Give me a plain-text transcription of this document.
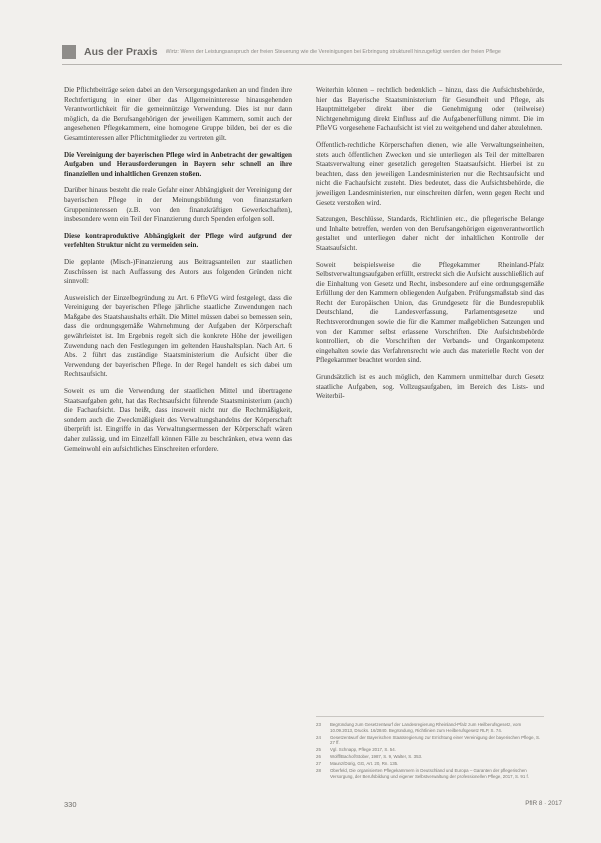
Aus der Praxis Wirtz: Wenn der Leistungsanspruch der freien Steuerung wie die Vereinigungen bei Erbringung strukturell hinzugefügt werden der freien Pflege

Die Pflichtbeiträge seien dabei an den Versorgungsgedanken an und finden ihre Rechtfertigung in einer über das Allgemeininteresse hinausgehenden Verantwortlichkeit für die gemeinnützige Verwendung. Dies ist nur dann möglich, da die Berufsangehörigen der jeweiligen Kammern, somit auch der angesehenen Pflegekammern, eine homogene Gruppe bilden, bei der es die Gesamtinteressen aller Pflichtmitglieder zu vertreten gilt.

Die Vereinigung der bayerischen Pflege wird in Anbetracht der gewaltigen Aufgaben und Herausforderungen in Bayern sehr schnell an ihre finanziellen und inhaltlichen Grenzen stoßen.

Darüber hinaus besteht die reale Gefahr einer Abhängigkeit der Vereinigung der bayerischen Pflege in der Meinungsbildung von finanzstarken Gruppeninteressen (z.B. von den finanzkräftigen Gewerkschaften), insbesondere wenn ein Teil der Finanzierung durch Spenden erfolgen soll.

Diese kontraproduktive Abhängigkeit der Pflege wird aufgrund der verfehlten Struktur nicht zu vermeiden sein.

Die geplante (Misch-)Finanzierung aus Beitragsanteilen zur staatlichen Zuschüssen ist nach Auffassung des Autors aus folgenden Gründen nicht sinnvoll:

Ausweislich der Einzelbegründung zu Art. 6 PfleVG wird festgelegt, dass die Vereinigung der bayerischen Pflege jährliche staatliche Zuwendungen nach Maßgabe des Staatshaushalts erhält. Die Mittel müssen dabei so bemessen sein, dass die ordnungsgemäße Wahrnehmung der Aufgaben der Körperschaft gewährleistet ist. Im Ergebnis regelt sich die konkrete Höhe der jeweiligen Zuwendung nach den Festlegungen im geltenden Haushaltsplan. Nach Art. 6 Abs. 2 führt das zuständige Staatsministerium die Aufsicht über die Verwendung der bayerischen Pflege. In der Regel handelt es sich dabei um Rechtsaufsicht.

Soweit es um die Verwendung der staatlichen Mittel und übertragene Staatsaufgaben geht, hat das Rechtsaufsicht führende Staatsministerium (auch) die Fachaufsicht. Das heißt, dass insoweit nicht nur die Rechtmäßigkeit, sondern auch die Zweckmäßigkeit des Verwaltungshandelns der Körperschaft überprüft ist. Eingriffe in das Verwaltungsermessen der Körperschaft wären daher zulässig, und im Einzelfall können Fälle zu beschränken, etwa wenn das Gemeinwohl ein aufsichtliches Einschreiten erfordere.

Weiterhin können – rechtlich bedenklich – hinzu, dass die Aufsichtsbehörde, hier das Bayerische Staatsministerium für Gesundheit und Pflege, als Hauptmittelgeber direkt über die Genehmigung oder (teilweise) Nichtgenehmigung direkt Einfluss auf die Aufgabenerfüllung nimmt. Die im PfleVG vorgesehene Fachaufsicht ist viel zu weitgehend und daher abzulehnen.

Öffentlich-rechtliche Körperschaften dienen, wie alle Verwaltungseinheiten, stets auch öffentlichen Zwecken und sie unterliegen als Teil der mittelbaren Staatsverwaltung einer gesetzlich geregelten Staatsaufsicht. Hierbei ist zu beachten, dass den jeweiligen Landesministerien nur die Rechtsaufsicht und nicht die Fachaufsicht zusteht. Dies bedeutet, dass die Aufsichtsbehörde, die jeweiligen Landesministerien, nur einschreiten dürfen, wenn gegen Recht und Gesetz verstoßen wird.

Satzungen, Beschlüsse, Standards, Richtlinien etc., die pflegerische Belange und Inhalte betreffen, werden von den Berufsangehörigen eigenverantwortlich gestaltet und unterliegen daher nicht der inhaltlichen Kontrolle der Staatsaufsicht.

Soweit beispielsweise die Pflegekammer Rheinland-Pfalz Selbstverwaltungsaufgaben erfüllt, erstreckt sich die Aufsicht ausschließlich auf die Einhaltung von Gesetz und Recht, insbesondere auf eine ordnungsgemäße Erfüllung der den Kammern obliegenden Aufgaben. Prüfungsmaßstab sind das Recht der Europäischen Union, das Grundgesetz für die Bundesrepublik Deutschland, die Landesverfassung, Parlamentsgesetze und Rechtsverordnungen sowie die für die Kammer maßgeblichen Satzungen und von der Kammer selbst erlassene Vorschriften. Die Aufsichtsbehörde kontrolliert, ob die Vorschriften der Verbands- und Organkompetenz eingehalten sowie das Verfahrensrecht wie auch das materielle Recht von der Pflegekammer beachtet worden sind.

Grundsätzlich ist es auch möglich, den Kammern unmittelbar durch Gesetz staatliche Aufgaben, sog. Vollzugsaufgaben, im Bereich des Lists- und Weiterbil-

23	Begründung zum Gesetzentwurf der Landesregierung Rheinland-Pfalz zum Heilberufsgesetz, vom 10.09.2013, Drucks. 16/2840. Begründung, Richtlinien zum Heilberufsgesetz RLP, S. 74.
24	Gesetzentwurf der Bayerischen Staatsregierung zur Errichtung einer Vereinigung der bayerischen Pflege, S. 27 ff.
25	Vgl. Schnapp, Pflege 2017, S. 54.
26	Wolff/Bachof/Stober, 1987, S. 9, Walter, S. 353.
27	Maunz/Dürig, GG, Art. 20, Rn. 135.
28	Oberfeld, Die organisierten Pflegekammern in Deutschland und Europa – Garanten der pflegerischen Versorgung, der Berufsbildung und eigener Selbstverwaltung der professionellen Pflege, 2017, S. 91 f.
330	PflR 8 · 2017
